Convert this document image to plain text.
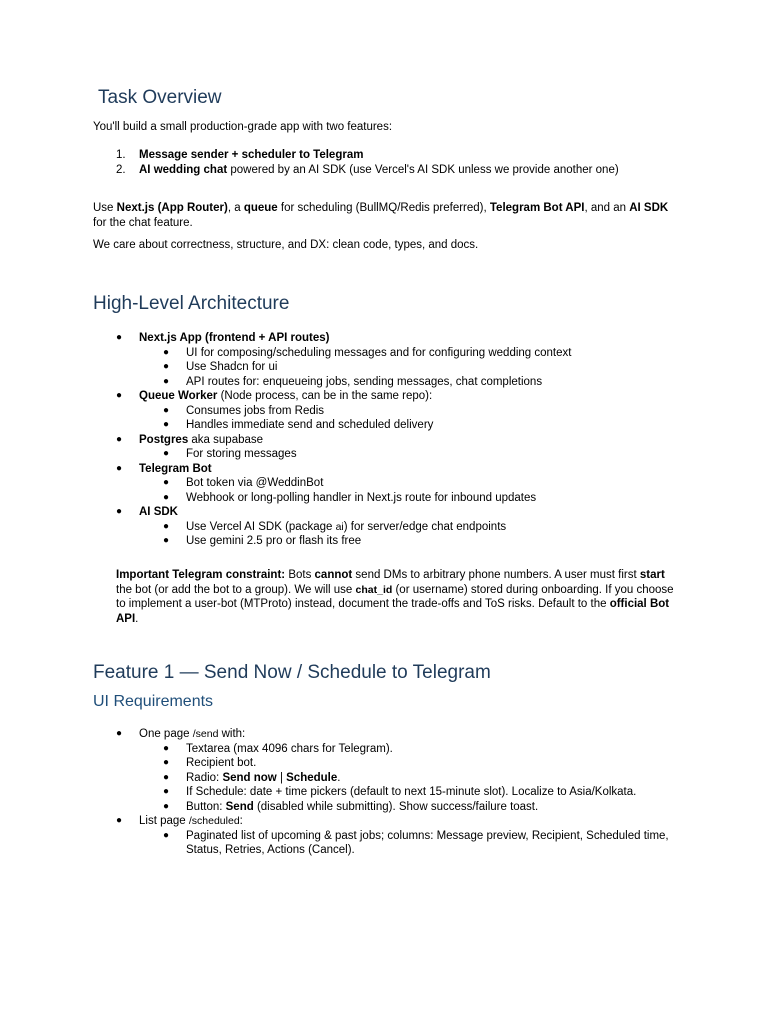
Task Overview

You'll build a small production-grade app with two features:

1. Message sender + scheduler to Telegram
2. AI wedding chat powered by an AI SDK (use Vercel's AI SDK unless we provide another one)

Use Next.js (App Router), a queue for scheduling (BullMQ/Redis preferred), Telegram Bot API, and an AI SDK for the chat feature.

We care about correctness, structure, and DX: clean code, types, and docs.

High-Level Architecture
● Next.js App (frontend + API routes)
● UI for composing/scheduling messages and for configuring wedding context
● Use Shadcn for ui
● API routes for: enqueueing jobs, sending messages, chat completions
● Queue Worker (Node process, can be in the same repo):
● Consumes jobs from Redis
● Handles immediate send and scheduled delivery
● Postgres aka supabase
● For storing messages
● Telegram Bot
● Bot token via @WeddinBot
● Webhook or long-polling handler in Next.js route for inbound updates
● AI SDK
● Use Vercel AI SDK (package ai) for server/edge chat endpoints
● Use gemini 2.5 pro or flash its free

Important Telegram constraint: Bots cannot send DMs to arbitrary phone numbers. A user must first start the bot (or add the bot to a group). We will use chat_id (or username) stored during onboarding. If you choose to implement a user-bot (MTProto) instead, document the trade-offs and ToS risks. Default to the official Bot API.

Feature 1 — Send Now / Schedule to Telegram
UI Requirements
● One page /send with:
● Textarea (max 4096 chars for Telegram).
● Recipient bot.
● Radio: Send now | Schedule.
● If Schedule: date + time pickers (default to next 15-minute slot). Localize to Asia/Kolkata.
● Button: Send (disabled while submitting). Show success/failure toast.
● List page /scheduled:
● Paginated list of upcoming & past jobs; columns: Message preview, Recipient, Scheduled time, Status, Retries, Actions (Cancel).
